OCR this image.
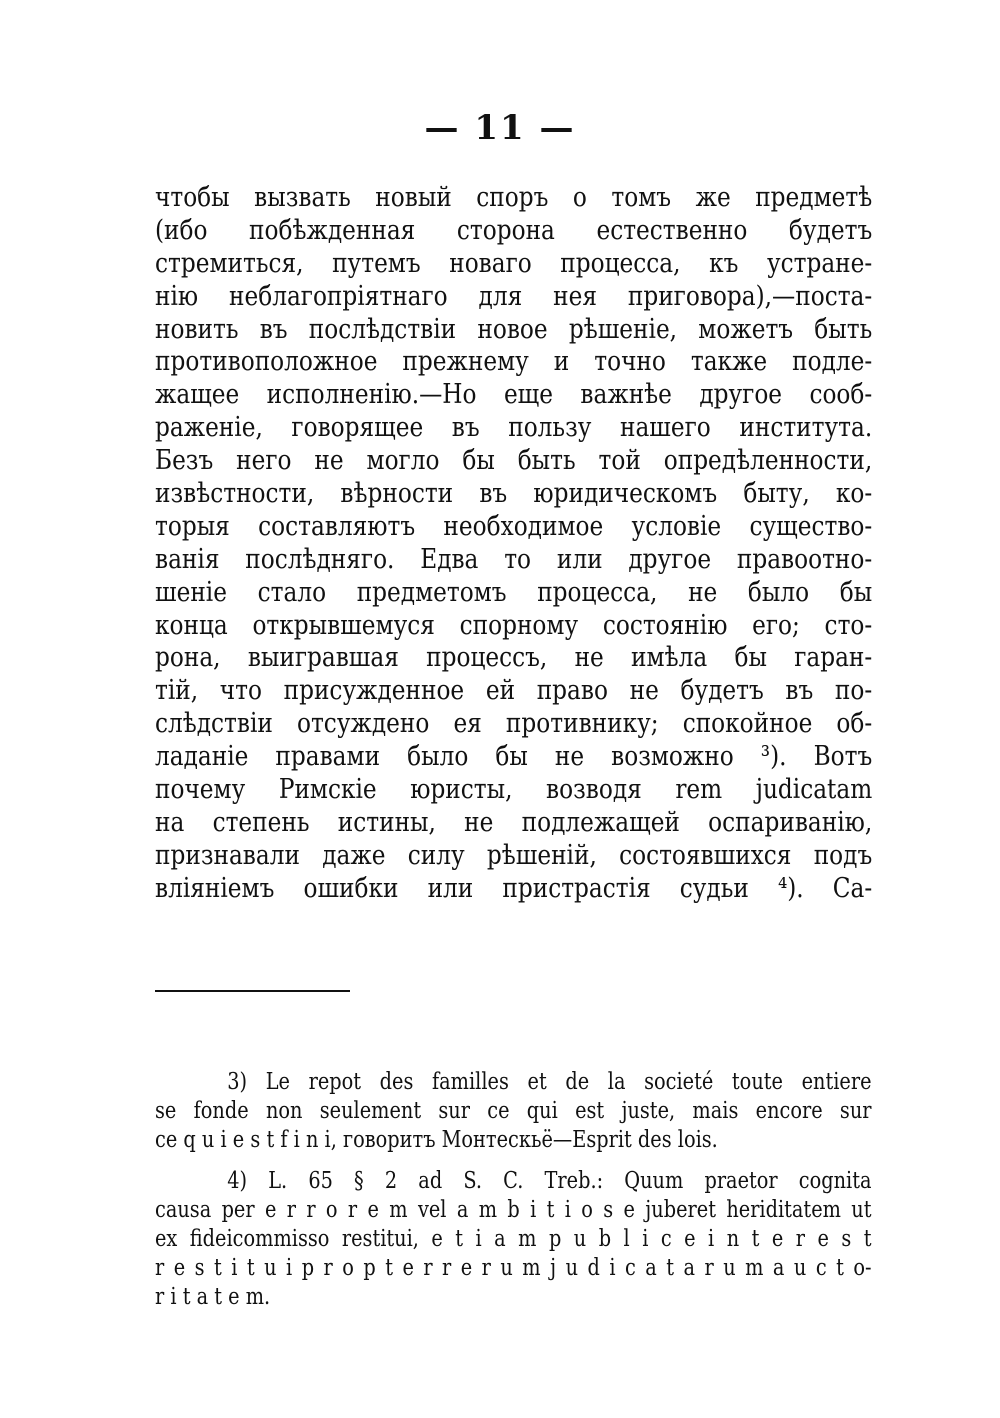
— 11 —
чтобы вызвать новый споръ о томъ же предметѣ
(ибо побѣжденная сторона естественно будетъ
стремиться, путемъ новаго процесса, къ устране-
нію неблагопріятнаго для нея приговора),—поста-
новить въ послѣдствіи новое рѣшеніе, можетъ быть
противоположное прежнему и точно также подле-
жащее исполненію.—Но еще важнѣе другое сооб-
раженіе, говорящее въ пользу нашего института.
Безъ него не могло бы быть той опредѣленности,
извѣстности, вѣрности въ юридическомъ быту, ко-
торыя составляютъ необходимое условіе существо-
ванія послѣдняго. Едва то или другое правоотно-
шеніе стало предметомъ процесса, не было бы
конца открывшемуся спорному состоянію его; сто-
рона, выигравшая процессъ, не имѣла бы гаран-
тій, что присужденное ей право не будетъ въ по-
слѣдствіи отсуждено ея противнику; спокойное об-
ладаніе правами было бы не возможно ³). Вотъ
почему Римскіе юристы, возводя rem judicatam
на степень истины, не подлежащей оспариванію,
признавали даже силу рѣшеній, состоявшихся подъ
вліяніемъ ошибки или пристрастія судьи ⁴). Са-
3) Le repot des familles et de la societé toute entiere
se fonde non seulement sur ce qui est juste, mais encore sur
ce q u i e s t f i n i, говоритъ Монтескьё—Esprit des lois.
4) L. 65 § 2 ad S. C. Treb.: Quum praetor cognita
causa per e r r o r e m vel a m b i t i o s e juberet heriditatem ut
ex fideicommisso restitui, e t i a m p u b l i c e i n t e r e s t
r e s t i t u i p r o p t e r r e r u m j u d i c a t a r u m a u c t o-
r i t a t e m.
